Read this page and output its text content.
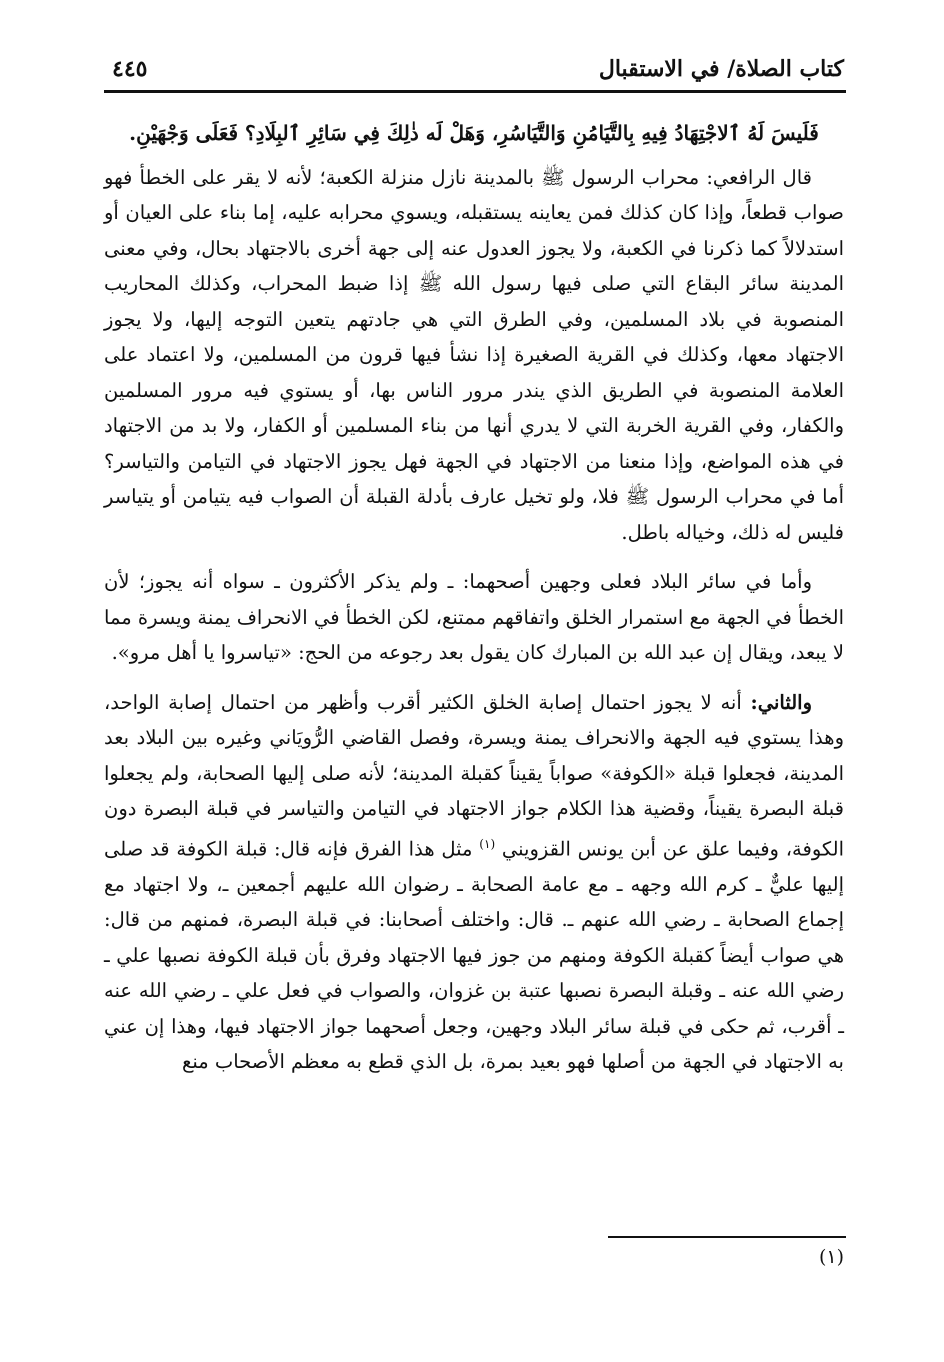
كتاب الصلاة/ في الاستقبال
٤٤٥

فَلَيسَ لَهُ ٱلاجْتِهَادُ فِيهِ بِالتَّيَامُنِ وَالتَّيَاسُرِ، وَهَلْ لَه ذٰلِكَ فِي سَائِرِ ٱلبِلَادِ؟ فَعَلَى وَجْهَيْنِ.

قال الرافعي: محراب الرسول ﷺ بالمدينة نازل منزلة الكعبة؛ لأنه لا يقر على الخطأ فهو صواب قطعاً، وإذا كان كذلك فمن يعاينه يستقبله، ويسوي محرابه عليه، إما بناء على العيان أو استدلالاً كما ذكرنا في الكعبة، ولا يجوز العدول عنه إلى جهة أخرى بالاجتهاد بحال، وفي معنى المدينة سائر البقاع التي صلى فيها رسول الله ﷺ إذا ضبط المحراب، وكذلك المحاريب المنصوبة في بلاد المسلمين، وفي الطرق التي هي جادتهم يتعين التوجه إليها، ولا يجوز الاجتهاد معها، وكذلك في القرية الصغيرة إذا نشأ فيها قرون من المسلمين، ولا اعتماد على العلامة المنصوبة في الطريق الذي يندر مرور الناس بها، أو يستوي فيه مرور المسلمين والكفار، وفي القرية الخربة التي لا يدري أنها من بناء المسلمين أو الكفار، ولا بد من الاجتهاد في هذه المواضع، وإذا منعنا من الاجتهاد في الجهة فهل يجوز الاجتهاد في التيامن والتياسر؟ أما في محراب الرسول ﷺ فلا، ولو تخيل عارف بأدلة القبلة أن الصواب فيه يتيامن أو يتياسر فليس له ذلك، وخياله باطل.

وأما في سائر البلاد فعلى وجهين أصحهما: ـ ولم يذكر الأكثرون ـ سواه أنه يجوز؛ لأن الخطأ في الجهة مع استمرار الخلق واتفاقهم ممتنع، لكن الخطأ في الانحراف يمنة ويسرة مما لا يبعد، ويقال إن عبد الله بن المبارك كان يقول بعد رجوعه من الحج: «تياسروا يا أهل مرو».

والثاني: أنه لا يجوز احتمال إصابة الخلق الكثير أقرب وأظهر من احتمال إصابة الواحد، وهذا يستوي فيه الجهة والانحراف يمنة ويسرة، وفصل القاضي الرُّويَاني وغيره بين البلاد بعد المدينة، فجعلوا قبلة «الكوفة» صواباً يقيناً كقبلة المدينة؛ لأنه صلى إليها الصحابة، ولم يجعلوا قبلة البصرة يقيناً، وقضية هذا الكلام جواز الاجتهاد في التيامن والتياسر في قبلة البصرة دون الكوفة، وفيما علق عن أبن يونس القزويني $^{(١)}$ مثل هذا الفرق فإنه قال: قبلة الكوفة قد صلى إليها عليٌّ ـ كرم الله وجهه ـ مع عامة الصحابة ـ رضوان الله عليهم أجمعين ـ، ولا اجتهاد مع إجماع الصحابة ـ رضي الله عنهم ـ. قال: واختلف أصحابنا: في قبلة البصرة، فمنهم من قال: هي صواب أيضاً كقبلة الكوفة ومنهم من جوز فيها الاجتهاد وفرق بأن قبلة الكوفة نصبها علي ـ رضي الله عنه ـ وقبلة البصرة نصبها عتبة بن غزوان، والصواب في فعل علي ـ رضي الله عنه ـ أقرب، ثم حكى في قبلة سائر البلاد وجهين، وجعل أصحهما جواز الاجتهاد فيها، وهذا إن عني به الاجتهاد في الجهة من أصلها فهو بعيد بمرة، بل الذي قطع به معظم الأصحاب منع

(١)
